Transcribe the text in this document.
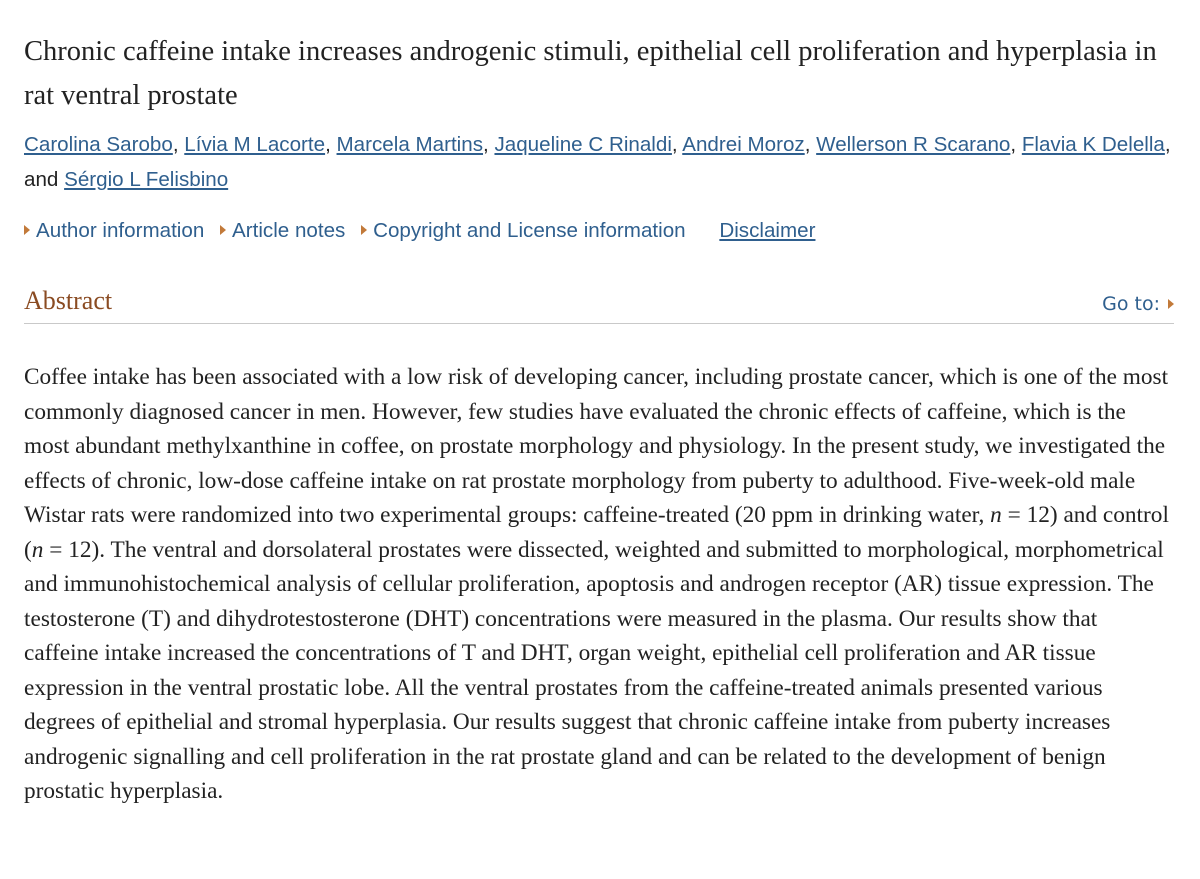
Chronic caffeine intake increases androgenic stimuli, epithelial cell proliferation and hyperplasia in rat ventral prostate
Carolina Sarobo, Lívia M Lacorte, Marcela Martins, Jaqueline C Rinaldi, Andrei Moroz, Wellerson R Scarano, Flavia K Delella, and Sérgio L Felisbino
Author information Article notes Copyright and License information Disclaimer
Abstract	Go to:

Coffee intake has been associated with a low risk of developing cancer, including prostate cancer, which is one of the most commonly diagnosed cancer in men. However, few studies have evaluated the chronic effects of caffeine, which is the most abundant methylxanthine in coffee, on prostate morphology and physiology. In the present study, we investigated the effects of chronic, low-dose caffeine intake on rat prostate morphology from puberty to adulthood. Five-week-old male Wistar rats were randomized into two experimental groups: caffeine-treated (20 ppm in drinking water, n = 12) and control (n = 12). The ventral and dorsolateral prostates were dissected, weighted and submitted to morphological, morphometrical and immunohistochemical analysis of cellular proliferation, apoptosis and androgen receptor (AR) tissue expression. The testosterone (T) and dihydrotestosterone (DHT) concentrations were measured in the plasma. Our results show that caffeine intake increased the concentrations of T and DHT, organ weight, epithelial cell proliferation and AR tissue expression in the ventral prostatic lobe. All the ventral prostates from the caffeine-treated animals presented various degrees of epithelial and stromal hyperplasia. Our results suggest that chronic caffeine intake from puberty increases androgenic signalling and cell proliferation in the rat prostate gland and can be related to the development of benign prostatic hyperplasia.
